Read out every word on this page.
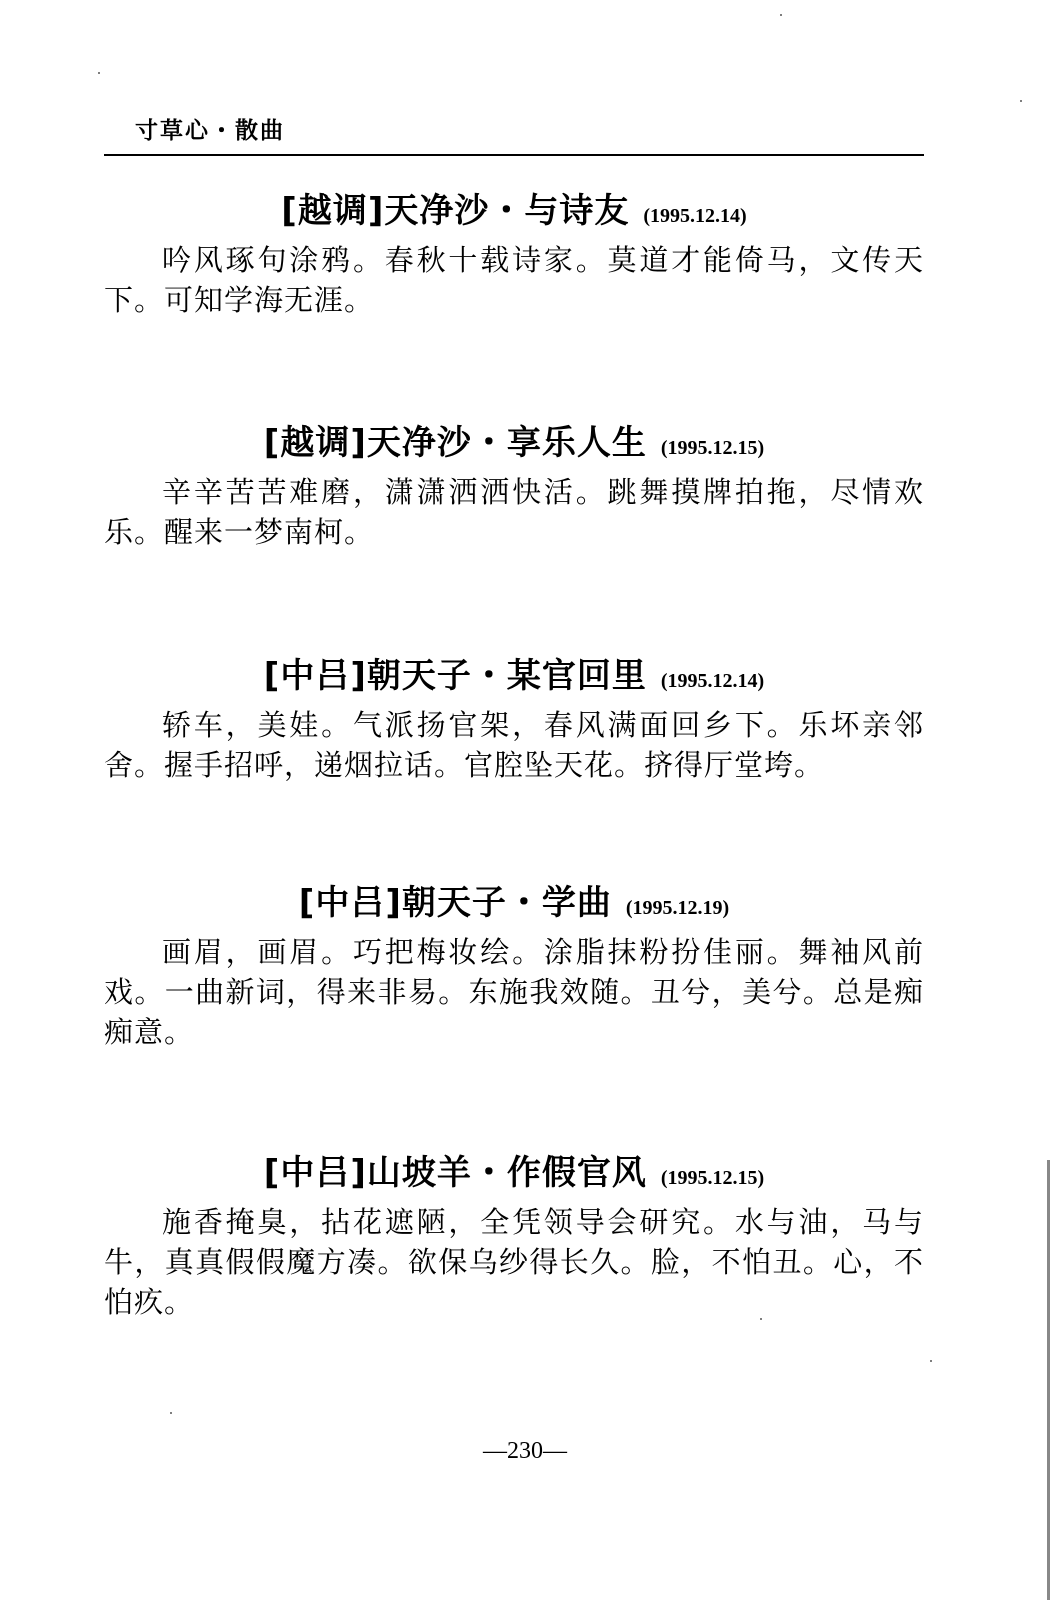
寸草心・散曲

[越调]天净沙・与诗友 (1995.12.14)

吟风琢句涂鸦。春秋十载诗家。莫道才能倚马，文传天下。可知学海无涯。

[越调]天净沙・享乐人生 (1995.12.15)

辛辛苦苦难磨，潇潇洒洒快活。跳舞摸牌拍拖，尽情欢乐。醒来一梦南柯。

[中吕]朝天子・某官回里 (1995.12.14)

轿车，美娃。气派扬官架，春风满面回乡下。乐坏亲邻舍。握手招呼，递烟拉话。官腔坠天花。挤得厅堂垮。

[中吕]朝天子・学曲 (1995.12.19)

画眉，画眉。巧把梅妆绘。涂脂抹粉扮佳丽。舞袖风前戏。一曲新词，得来非易。东施我效随。丑兮，美兮。总是痴痴意。

[中吕]山坡羊・作假官风 (1995.12.15)

施香掩臭，拈花遮陋，全凭领导会研究。水与油，马与牛，真真假假魔方凑。欲保乌纱得长久。脸，不怕丑。心，不怕疚。

—230—
